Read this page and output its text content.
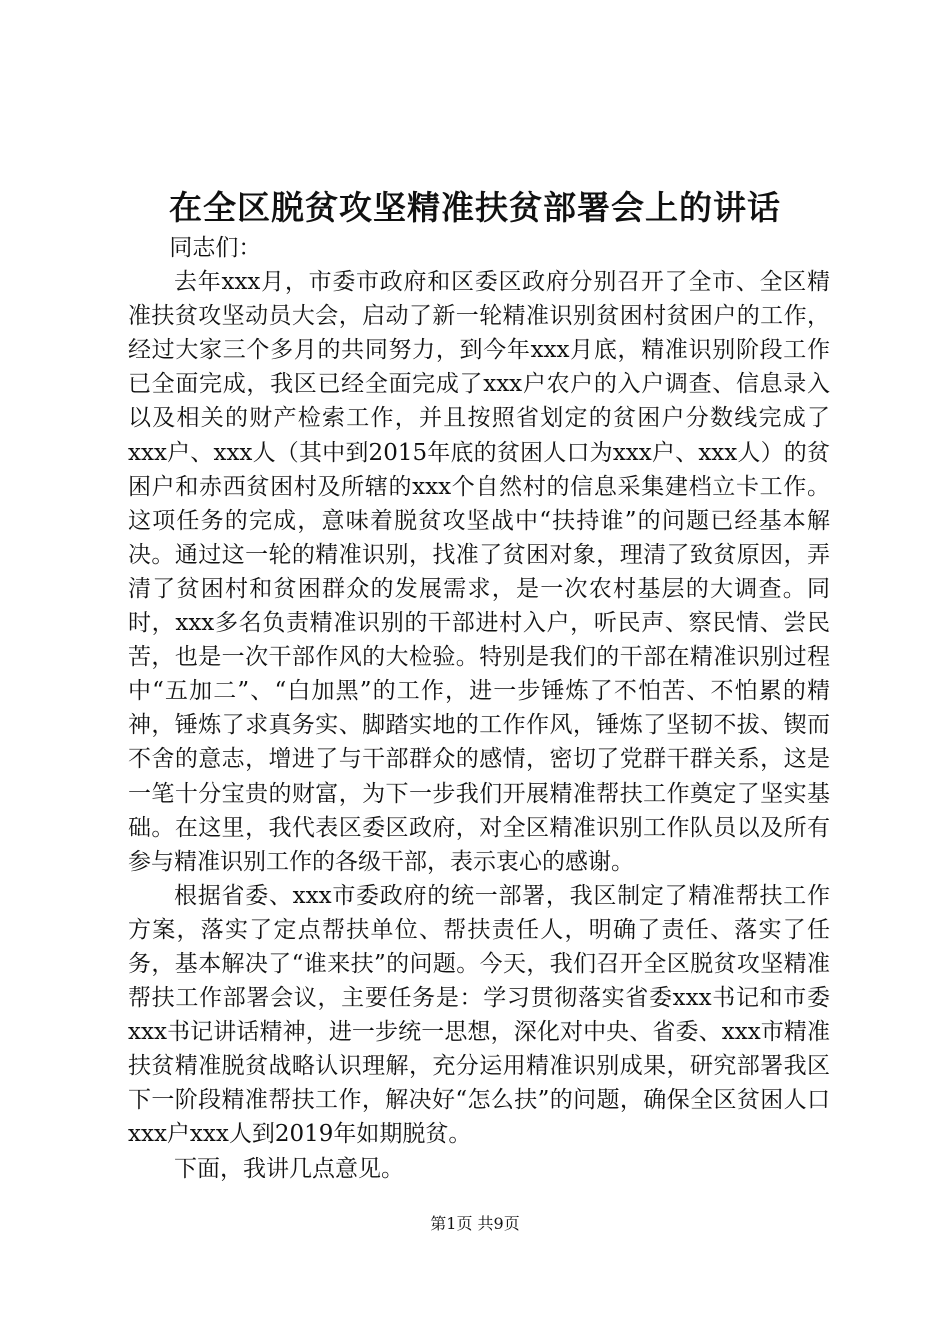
在全区脱贫攻坚精准扶贫部署会上的讲话

同志们：

去年xxx月，市委市政府和区委区政府分别召开了全市、全区精准扶贫攻坚动员大会，启动了新一轮精准识别贫困村贫困户的工作，经过大家三个多月的共同努力，到今年xxx月底，精准识别阶段工作已全面完成，我区已经全面完成了xxx户农户的入户调查、信息录入以及相关的财产检索工作，并且按照省划定的贫困户分数线完成了xxx户、xxx人（其中到2015年底的贫困人口为xxx户、xxx人）的贫困户和赤西贫困村及所辖的xxx个自然村的信息采集建档立卡工作。这项任务的完成，意味着脱贫攻坚战中“扶持谁”的问题已经基本解决。通过这一轮的精准识别，找准了贫困对象，理清了致贫原因，弄清了贫困村和贫困群众的发展需求，是一次农村基层的大调查。同时，xxx多名负责精准识别的干部进村入户，听民声、察民情、尝民苦，也是一次干部作风的大检验。特别是我们的干部在精准识别过程中“五加二”、“白加黑”的工作，进一步锤炼了不怕苦、不怕累的精神，锤炼了求真务实、脚踏实地的工作作风，锤炼了坚韧不拔、锲而不舍的意志，增进了与干部群众的感情，密切了党群干群关系，这是一笔十分宝贵的财富，为下一步我们开展精准帮扶工作奠定了坚实基础。在这里，我代表区委区政府，对全区精准识别工作队员以及所有参与精准识别工作的各级干部，表示衷心的感谢。

根据省委、xxx市委政府的统一部署，我区制定了精准帮扶工作方案，落实了定点帮扶单位、帮扶责任人，明确了责任、落实了任务，基本解决了“谁来扶”的问题。今天，我们召开全区脱贫攻坚精准帮扶工作部署会议，主要任务是：学习贯彻落实省委xxx书记和市委xxx书记讲话精神，进一步统一思想，深化对中央、省委、xxx市精准扶贫精准脱贫战略认识理解，充分运用精准识别成果，研究部署我区下一阶段精准帮扶工作，解决好“怎么扶”的问题，确保全区贫困人口xxx户xxx人到2019年如期脱贫。

下面，我讲几点意见。

第1页 共9页
